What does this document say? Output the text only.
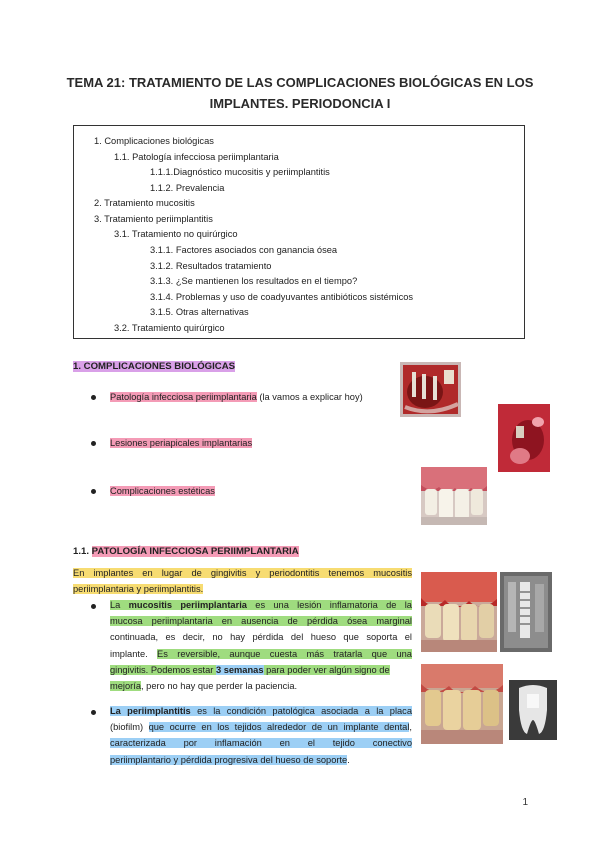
TEMA 21: TRATAMIENTO DE LAS COMPLICACIONES BIOLÓGICAS EN LOS
IMPLANTES. PERIODONCIA I
1. Complicaciones biológicas
1.1. Patología infecciosa periimplantaria
1.1.1.Diagnóstico mucositis y periimplantitis
1.1.2. Prevalencia
2. Tratamiento mucositis
3. Tratamiento periimplantitis
3.1. Tratamiento no quirúrgico
3.1.1. Factores asociados con ganancia ósea
3.1.2. Resultados tratamiento
3.1.3. ¿Se mantienen los resultados en el tiempo?
3.1.4. Problemas y uso de coadyuvantes antibióticos sistémicos
3.1.5. Otras alternativas
3.2. Tratamiento quirúrgico
1. COMPLICACIONES BIOLÓGICAS
Patología infecciosa periimplantaria (la vamos a explicar hoy)
Lesiones periapicales implantarias
Complicaciones estéticas
1.1. PATOLOGÍA INFECCIOSA PERIIMPLANTARIA
En implantes en lugar de gingivitis y periodontitis tenemos mucositis
periimplantaria y periimplantitis.
La mucositis periimplantaria es una lesión inflamatoria de la
mucosa periimplantaria en ausencia de pérdida ósea marginal
continuada, es decir, no hay pérdida del hueso que soporta el
implante. Es reversible, aunque cuesta más tratarla que una
gingivitis. Podemos estar 3 semanas para poder ver algún signo de
mejoría, pero no hay que perder la paciencia.
La periimplantitis es la condición patológica asociada a la placa
(biofilm) que ocurre en los tejidos alrededor de un implante dental,
caracterizada por inflamación en el tejido conectivo
periimplantario y pérdida progresiva del hueso de soporte.
1
